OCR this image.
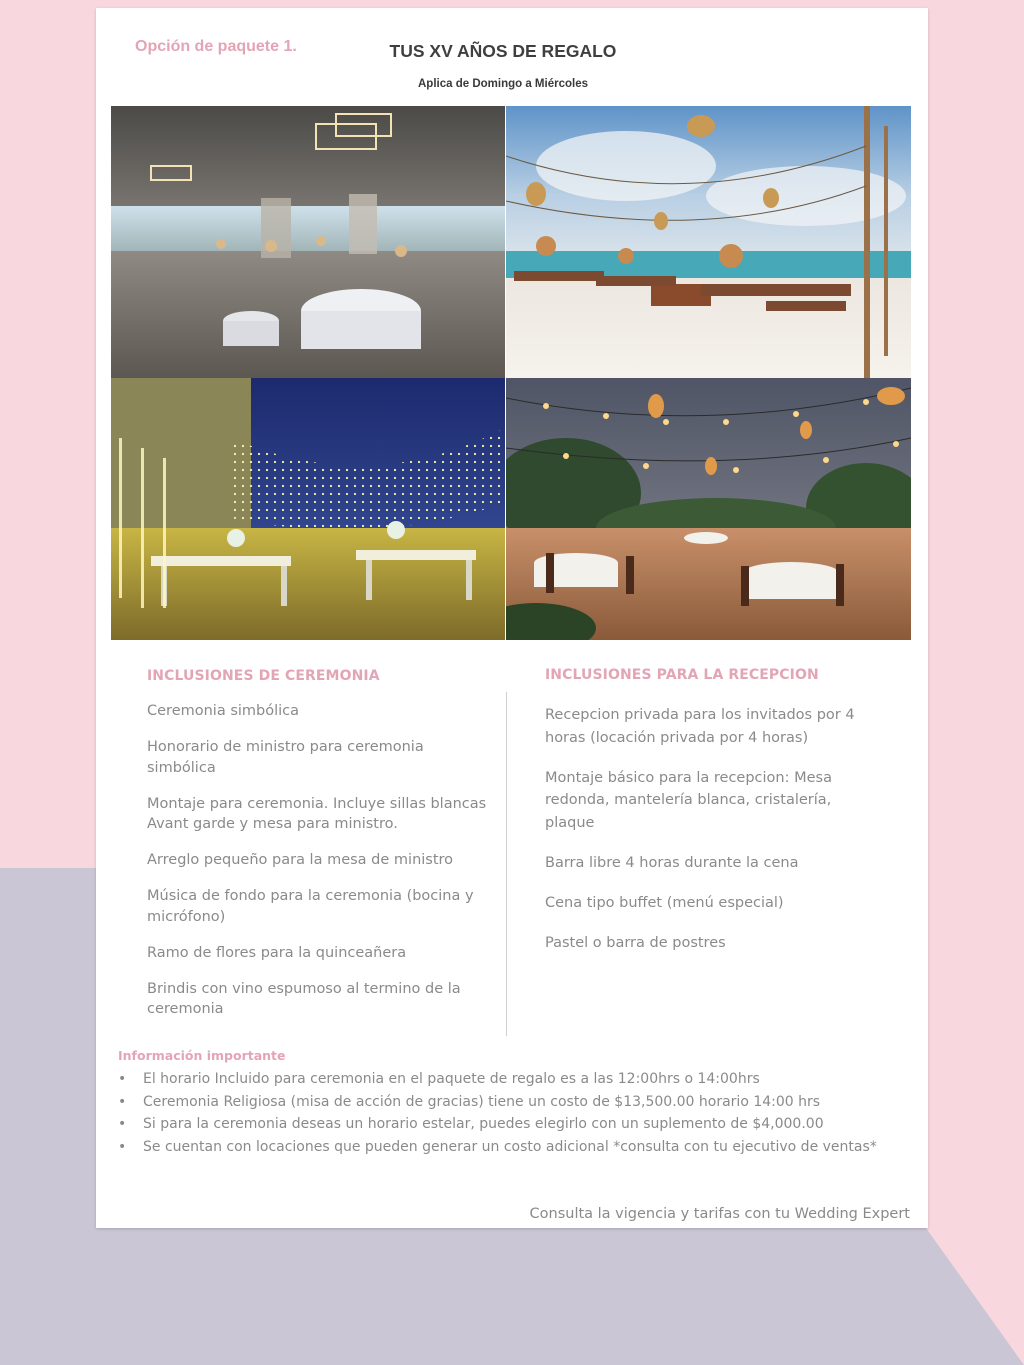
Opción de paquete 1.	TUS XV AÑOS DE REGALO
Aplica de Domingo a Miércoles
INCLUSIONES DE CEREMONIA
Ceremonia simbólica
Honorario de ministro para ceremonia simbólica
Montaje para ceremonia. Incluye sillas blancas Avant garde y mesa para ministro.
Arreglo pequeño para la mesa de ministro
Música de fondo para la ceremonia (bocina y micrófono)
Ramo de flores para la quinceañera
Brindis con vino espumoso al termino de la ceremonia
INCLUSIONES PARA LA RECEPCION
Recepcion privada para los invitados por 4 horas (locación privada por 4 horas)
Montaje básico para la recepcion: Mesa redonda, mantelería blanca, cristalería, plaque
Barra libre 4 horas durante la cena
Cena tipo buffet (menú especial)
Pastel o barra de postres
Información importante
• El horario Incluido para ceremonia en el paquete de regalo es a las 12:00hrs o 14:00hrs
• Ceremonia Religiosa (misa de acción de gracias) tiene un costo de $13,500.00 horario 14:00 hrs
• Si para la ceremonia deseas un horario estelar, puedes elegirlo con un suplemento de $4,000.00
• Se cuentan con locaciones que pueden generar un costo adicional *consulta con tu ejecutivo de ventas*
Consulta la vigencia y tarifas con tu Wedding Expert
